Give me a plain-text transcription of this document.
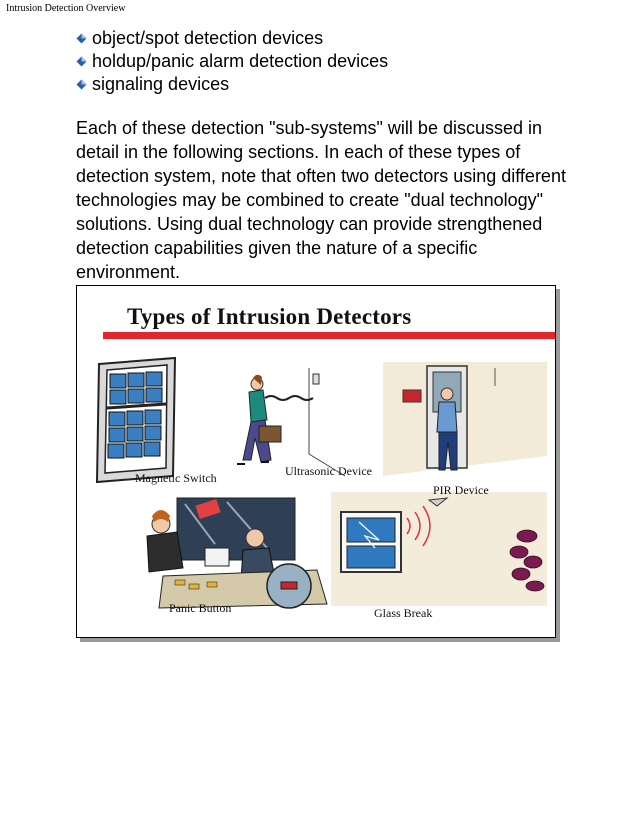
Intrusion Detection Overview
object/spot detection devices
holdup/panic alarm detection devices
signaling devices

Each of these detection "sub-systems" will be discussed in detail in the following sections. In each of these types of detection system, note that often two detectors using different technologies may be combined to create "dual technology" solutions. Using dual technology can provide strengthened detection capabilities given the nature of a specific environment.

Types of Intrusion Detectors
Magnetic Switch	Ultrasonic Device
PIR Device
Panic Button	Glass Break
